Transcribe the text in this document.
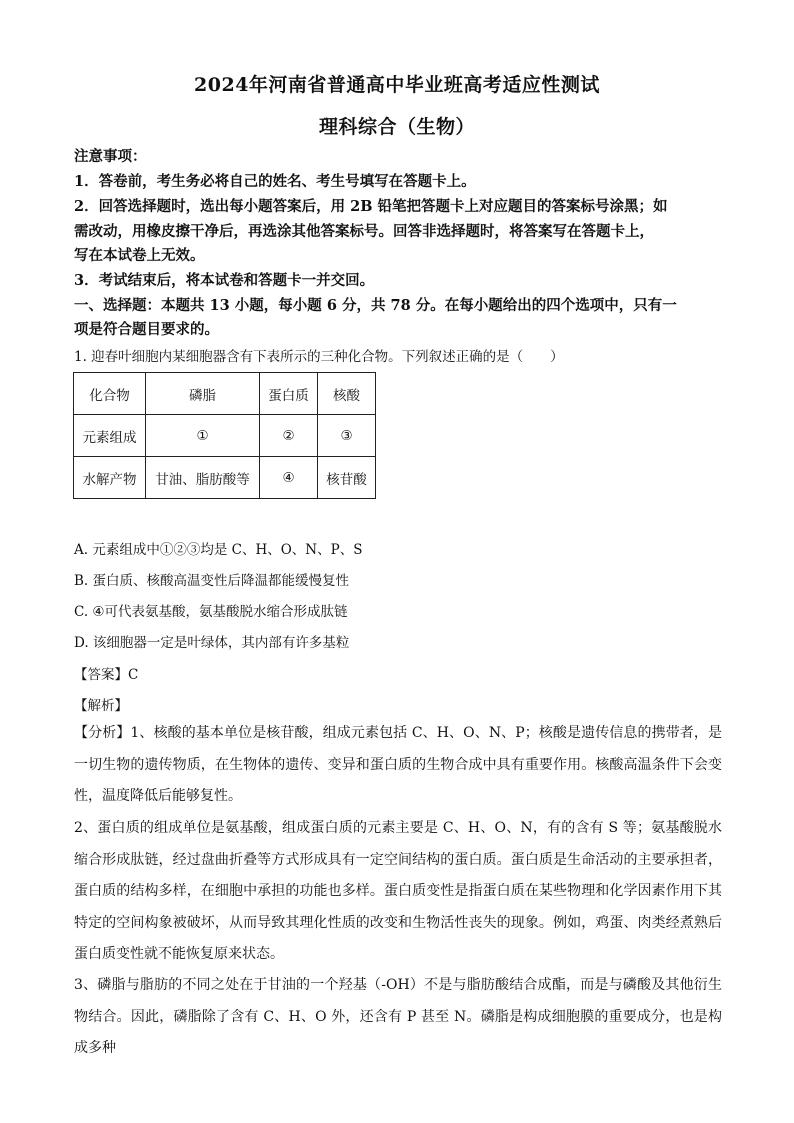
2024年河南省普通高中毕业班高考适应性测试
理科综合（生物）
注意事项：
1．答卷前，考生务必将自己的姓名、考生号填写在答题卡上。
2．回答选择题时，选出每小题答案后，用 2B 铅笔把答题卡上对应题目的答案标号涂黑；如
需改动，用橡皮擦干净后，再选涂其他答案标号。回答非选择题时，将答案写在答题卡上，
写在本试卷上无效。
3．考试结束后，将本试卷和答题卡一并交回。
一、选择题：本题共 13 小题，每小题 6 分，共 78 分。在每小题给出的四个选项中，只有一
项是符合题目要求的。
1. 迎春叶细胞内某细胞器含有下表所示的三种化合物。下列叙述正确的是（　　）
化合物	磷脂	蛋白质	核酸
元素组成	①	②	③
水解产物	甘油、脂肪酸等	④	核苷酸
A. 元素组成中①②③均是 C、H、O、N、P、S
B. 蛋白质、核酸高温变性后降温都能缓慢复性
C. ④可代表氨基酸，氨基酸脱水缩合形成肽链
D. 该细胞器一定是叶绿体，其内部有许多基粒
【答案】C
【解析】
【分析】1、核酸的基本单位是核苷酸，组成元素包括 C、H、O、N、P；核酸是遗传信息的携带者，是一切生物的遗传物质，在生物体的遗传、变异和蛋白质的生物合成中具有重要作用。核酸高温条件下会变性，温度降低后能够复性。
2、蛋白质的组成单位是氨基酸，组成蛋白质的元素主要是 C、H、O、N，有的含有 S 等；氨基酸脱水缩合形成肽链，经过盘曲折叠等方式形成具有一定空间结构的蛋白质。蛋白质是生命活动的主要承担者，蛋白质的结构多样，在细胞中承担的功能也多样。蛋白质变性是指蛋白质在某些物理和化学因素作用下其特定的空间构象被破坏，从而导致其理化性质的改变和生物活性丧失的现象。例如，鸡蛋、肉类经煮熟后蛋白质变性就不能恢复原来状态。
3、磷脂与脂肪的不同之处在于甘油的一个羟基（-OH）不是与脂肪酸结合成酯，而是与磷酸及其他衍生物结合。因此，磷脂除了含有 C、H、O 外，还含有 P 甚至 N。磷脂是构成细胞膜的重要成分，也是构成多种
